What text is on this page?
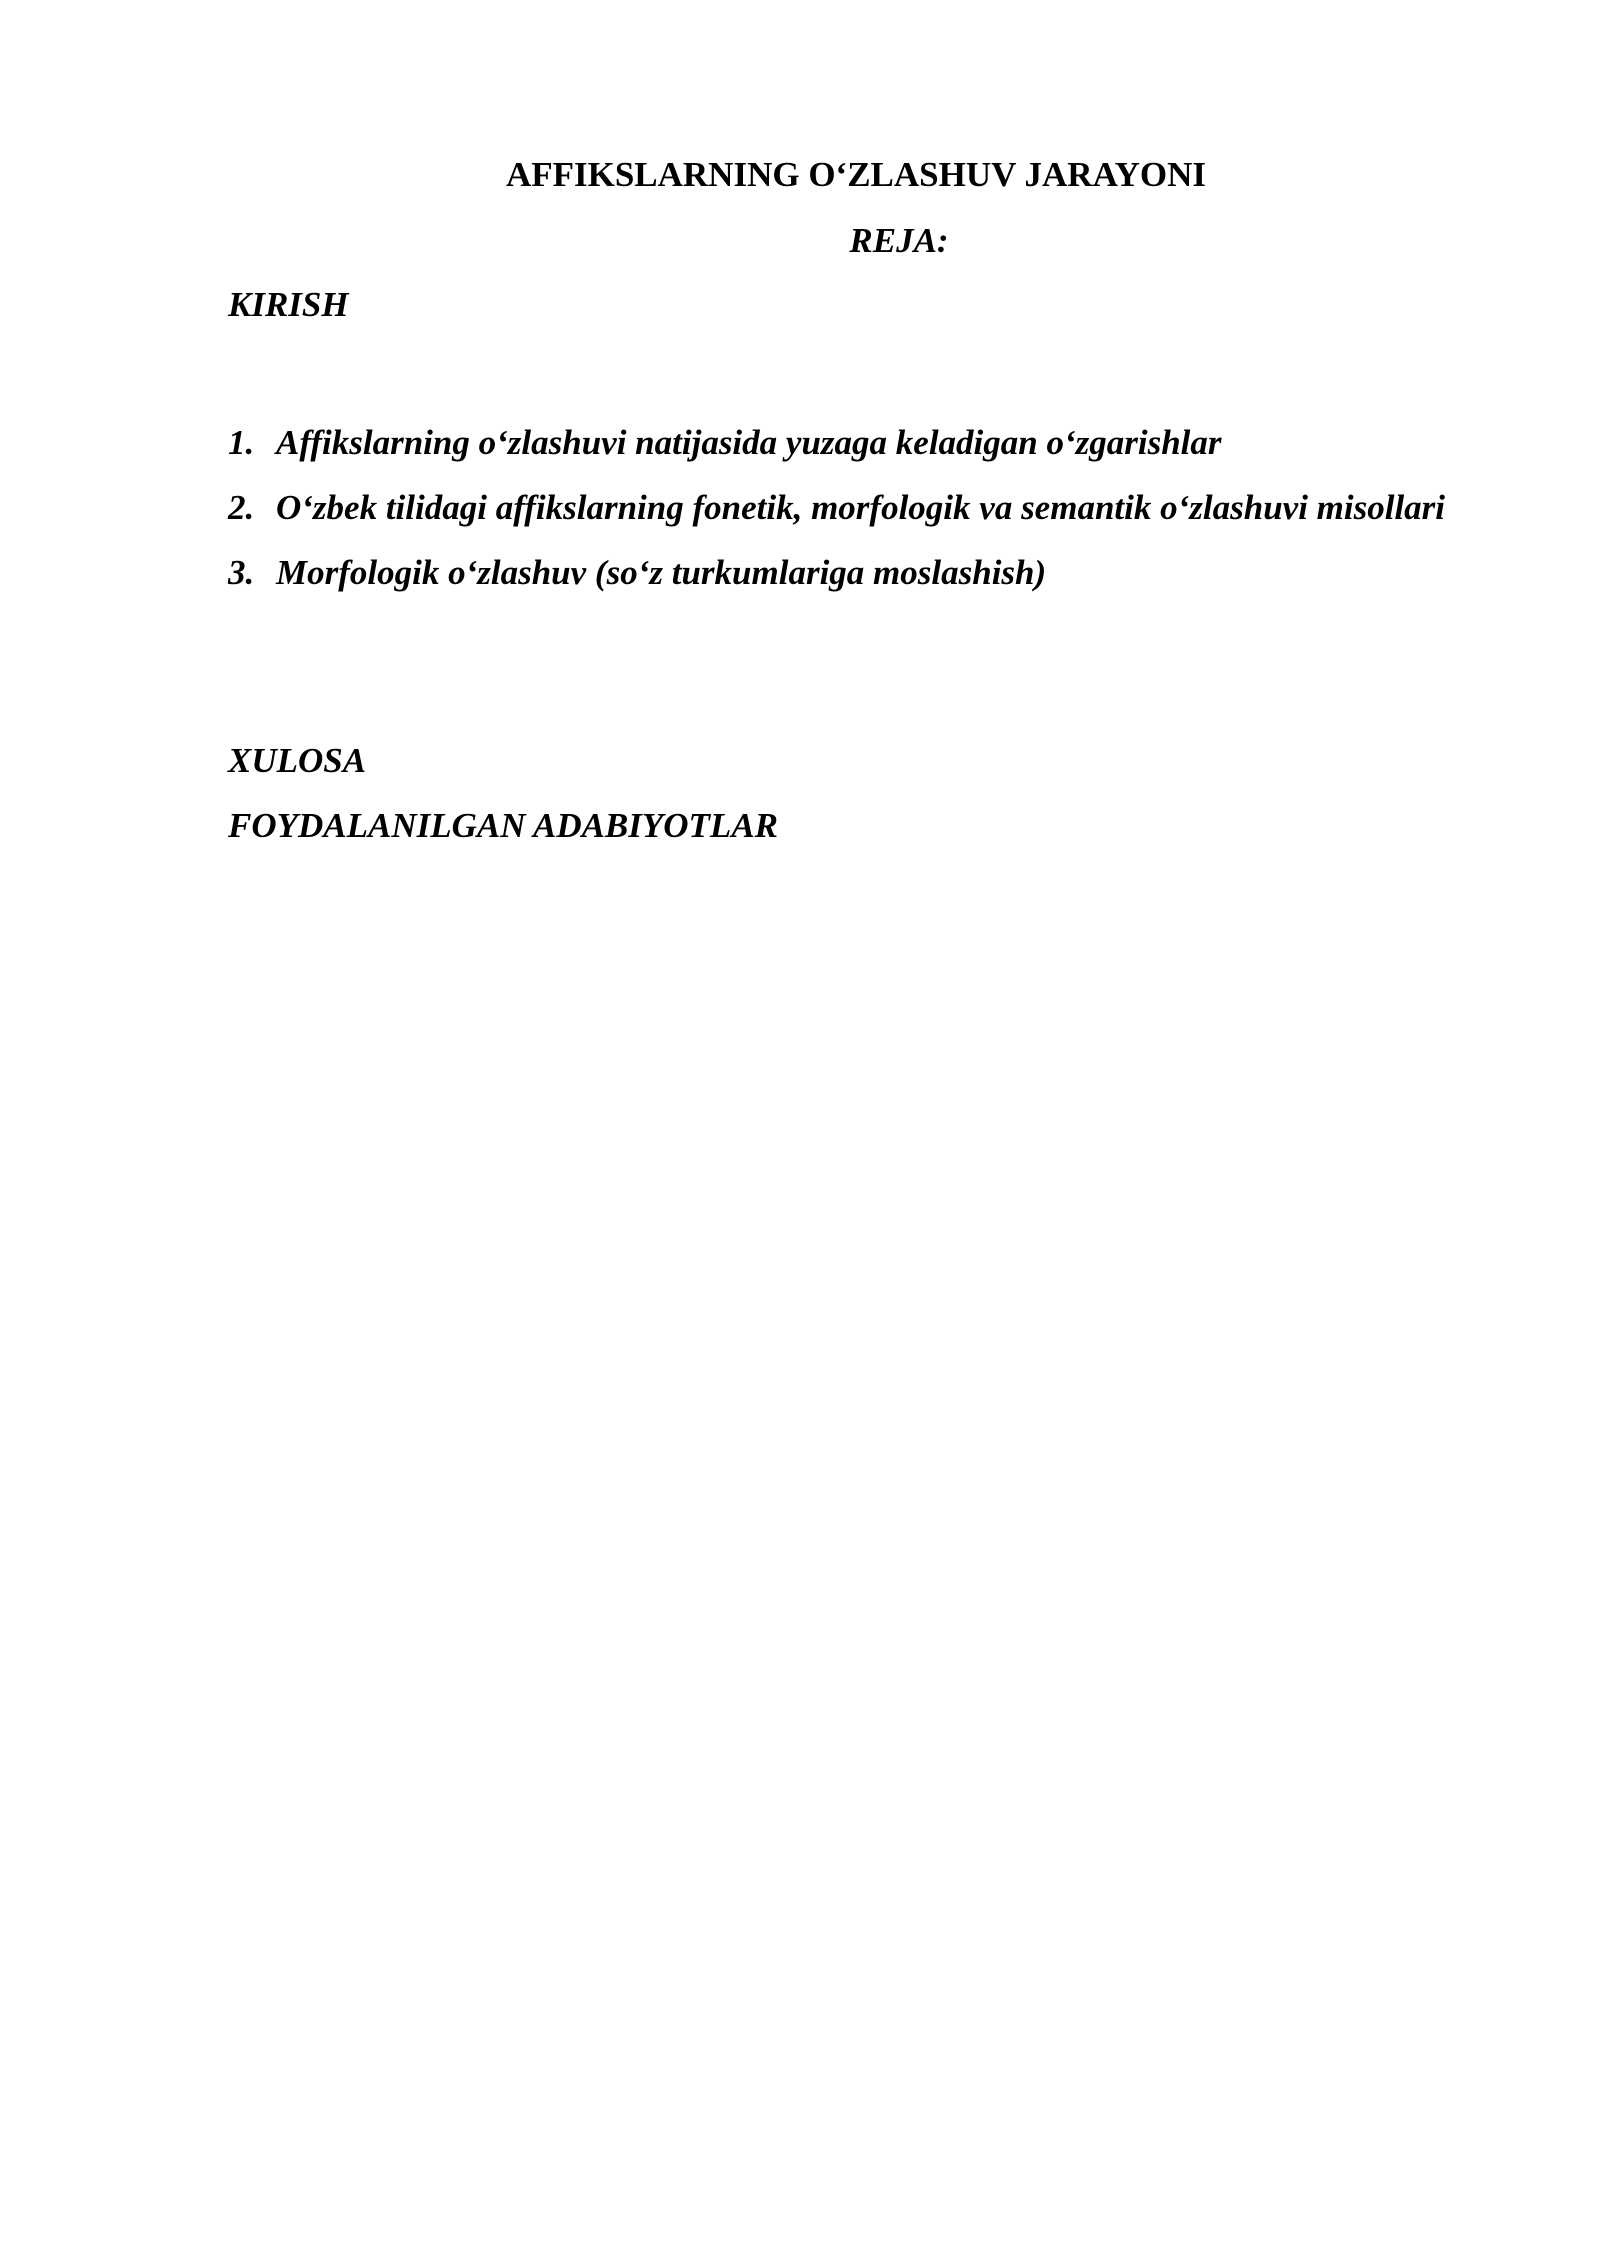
AFFIKSLARNING O‘ZLASHUV JARAYONI
REJA:
KIRISH
1. Affikslarning o‘zlashuvi natijasida yuzaga keladigan o‘zgarishlar
2. O‘zbek tilidagi affikslarning fonetik, morfologik va semantik o‘zlashuvi misollari
3. Morfologik o‘zlashuv (so‘z turkumlariga moslashish)
XULOSA
FOYDALANILGAN ADABIYOTLAR
